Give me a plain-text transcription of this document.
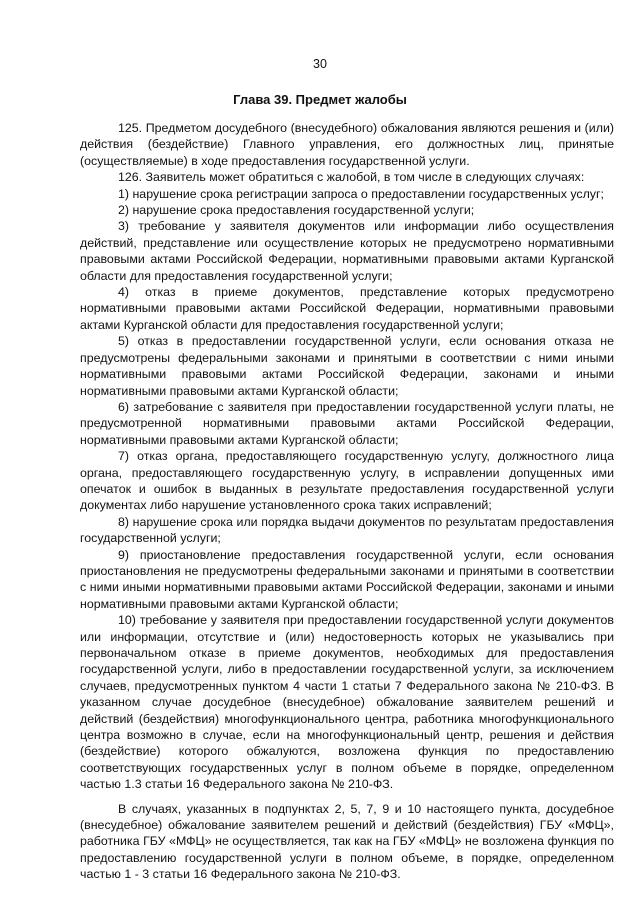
30
Глава 39. Предмет жалобы

125. Предметом досудебного (внесудебного) обжалования являются решения и (или) действия (бездействие) Главного управления, его должностных лиц, принятые (осуществляемые) в ходе предоставления государственной услуги.

126. Заявитель может обратиться с жалобой, в том числе в следующих случаях:

1) нарушение срока регистрации запроса о предоставлении государственных услуг;

2) нарушение срока предоставления государственной услуги;

3) требование у заявителя документов или информации либо осуществления действий, представление или осуществление которых не предусмотрено нормативными правовыми актами Российской Федерации, нормативными правовыми актами Курганской области для предоставления государственной услуги;

4) отказ в приеме документов, представление которых предусмотрено нормативными правовыми актами Российской Федерации, нормативными правовыми актами Курганской области для предоставления государственной услуги;

5) отказ в предоставлении государственной услуги, если основания отказа не предусмотрены федеральными законами и принятыми в соответствии с ними иными нормативными правовыми актами Российской Федерации, законами и иными нормативными правовыми актами Курганской области;

6) затребование с заявителя при предоставлении государственной услуги платы, не предусмотренной нормативными правовыми актами Российской Федерации, нормативными правовыми актами Курганской области;

7) отказ органа, предоставляющего государственную услугу, должностного лица органа, предоставляющего государственную услугу, в исправлении допущенных ими опечаток и ошибок в выданных в результате предоставления государственной услуги документах либо нарушение установленного срока таких исправлений;

8) нарушение срока или порядка выдачи документов по результатам предоставления государственной услуги;

9) приостановление предоставления государственной услуги, если основания приостановления не предусмотрены федеральными законами и принятыми в соответствии с ними иными нормативными правовыми актами Российской Федерации, законами и иными нормативными правовыми актами Курганской области;

10) требование у заявителя при предоставлении государственной услуги документов или информации, отсутствие и (или) недостоверность которых не указывались при первоначальном отказе в приеме документов, необходимых для предоставления государственной услуги, либо в предоставлении государственной услуги, за исключением случаев, предусмотренных пунктом 4 части 1 статьи 7 Федерального закона № 210-ФЗ. В указанном случае досудебное (внесудебное) обжалование заявителем решений и действий (бездействия) многофункционального центра, работника многофункционального центра возможно в случае, если на многофункциональный центр, решения и действия (бездействие) которого обжалуются, возложена функция по предоставлению соответствующих государственных услуг в полном объеме в порядке, определенном частью 1.3 статьи 16 Федерального закона № 210-ФЗ.

В случаях, указанных в подпунктах 2, 5, 7, 9 и 10 настоящего пункта, досудебное (внесудебное) обжалование заявителем решений и действий (бездействия) ГБУ «МФЦ», работника ГБУ «МФЦ» не осуществляется, так как на ГБУ «МФЦ» не возложена функция по предоставлению государственной услуги в полном объеме, в порядке, определенном частью 1 - 3 статьи 16 Федерального закона № 210-ФЗ.
